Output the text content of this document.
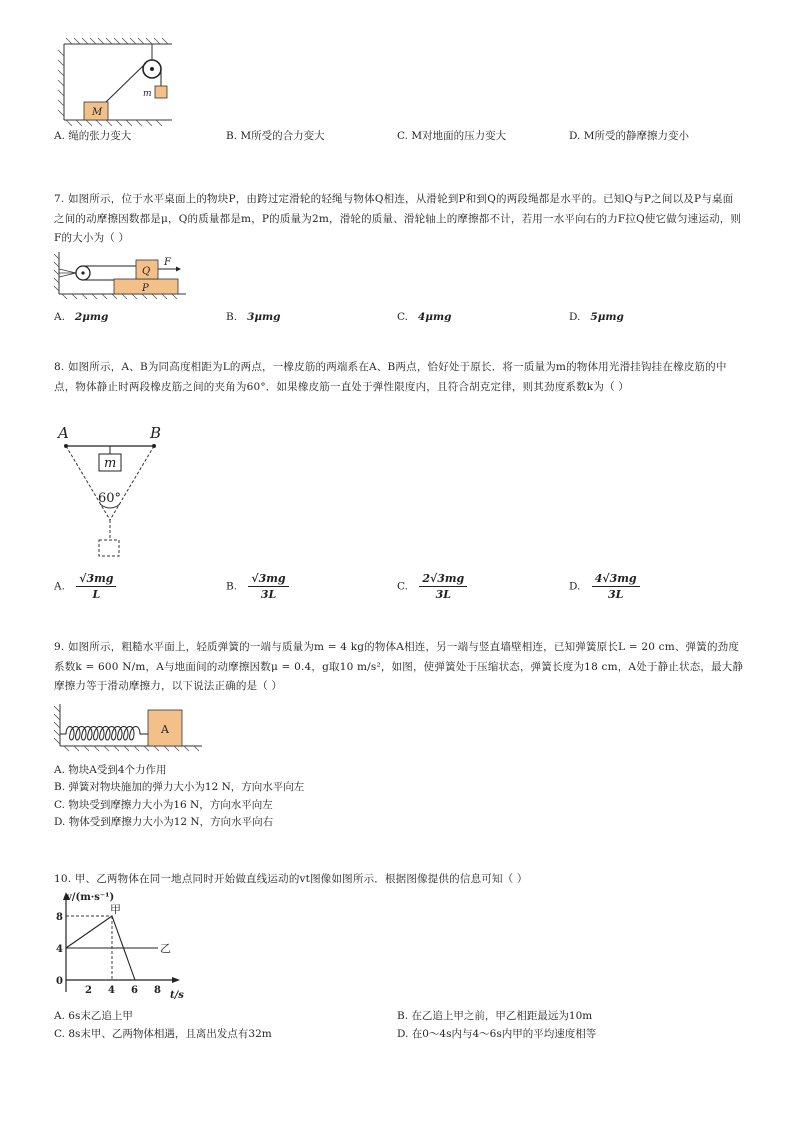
M
m
A. 绳的张力变大	B. M所受的合力变大	C. M对地面的压力变大	D. M所受的静摩擦力变小
7. 如图所示，位于水平桌面上的物块P，由跨过定滑轮的轻绳与物体Q相连，从滑轮到P和到Q的两段绳都是水平的。已知Q与P之间以及P与桌面之间的动摩擦因数都是μ，Q的质量都是m，P的质量为2m，滑轮的质量、滑轮轴上的摩擦都不计，若用一水平向右的力F拉Q使它做匀速运动，则F的大小为（ ）
P
Q
F
A. 2μmg	B. 3μmg	C. 4μmg	D. 5μmg
8. 如图所示，A、B为同高度相距为L的两点，一橡皮筋的两端系在A、B两点，恰好处于原长．将一质量为m的物体用光滑挂钩挂在橡皮筋的中点，物体静止时两段橡皮筋之间的夹角为60°．如果橡皮筋一直处于弹性限度内，且符合胡克定律，则其劲度系数k为（ ）
A	B
m
60°
A. $\frac{√3mg}{L}$	B. $\frac{√3mg}{3L}$	C. $\frac{2√3mg}{3L}$	D. $\frac{4√3mg}{3L}$
9. 如图所示，粗糙水平面上，轻质弹簧的一端与质量为m = 4 kg的物体A相连，另一端与竖直墙壁相连，已知弹簧原长L = 20 cm、弹簧的劲度系数k = 600 N/m，A与地面间的动摩擦因数μ = 0.4，g取10 m/s²，如图，使弹簧处于压缩状态，弹簧长度为18 cm，A处于静止状态，最大静摩擦力等于滑动摩擦力，以下说法正确的是（ ）
A
A. 物块A受到4个力作用
B. 弹簧对物块施加的弹力大小为12 N，方向水平向左
C. 物块受到摩擦力大小为16 N，方向水平向左
D. 物体受到摩擦力大小为12 N，方向水平向右
10. 甲、乙两物体在同一地点同时开始做直线运动的vt图像如图所示．根据图像提供的信息可知（ ）
v/(m·s⁻¹)
t/s
2 4 6 8
0
4
8
甲
乙
A. 6s末乙追上甲	B. 在乙追上甲之前，甲乙相距最远为10m
C. 8s末甲、乙两物体相遇，且离出发点有32m	D. 在0～4s内与4～6s内甲的平均速度相等
